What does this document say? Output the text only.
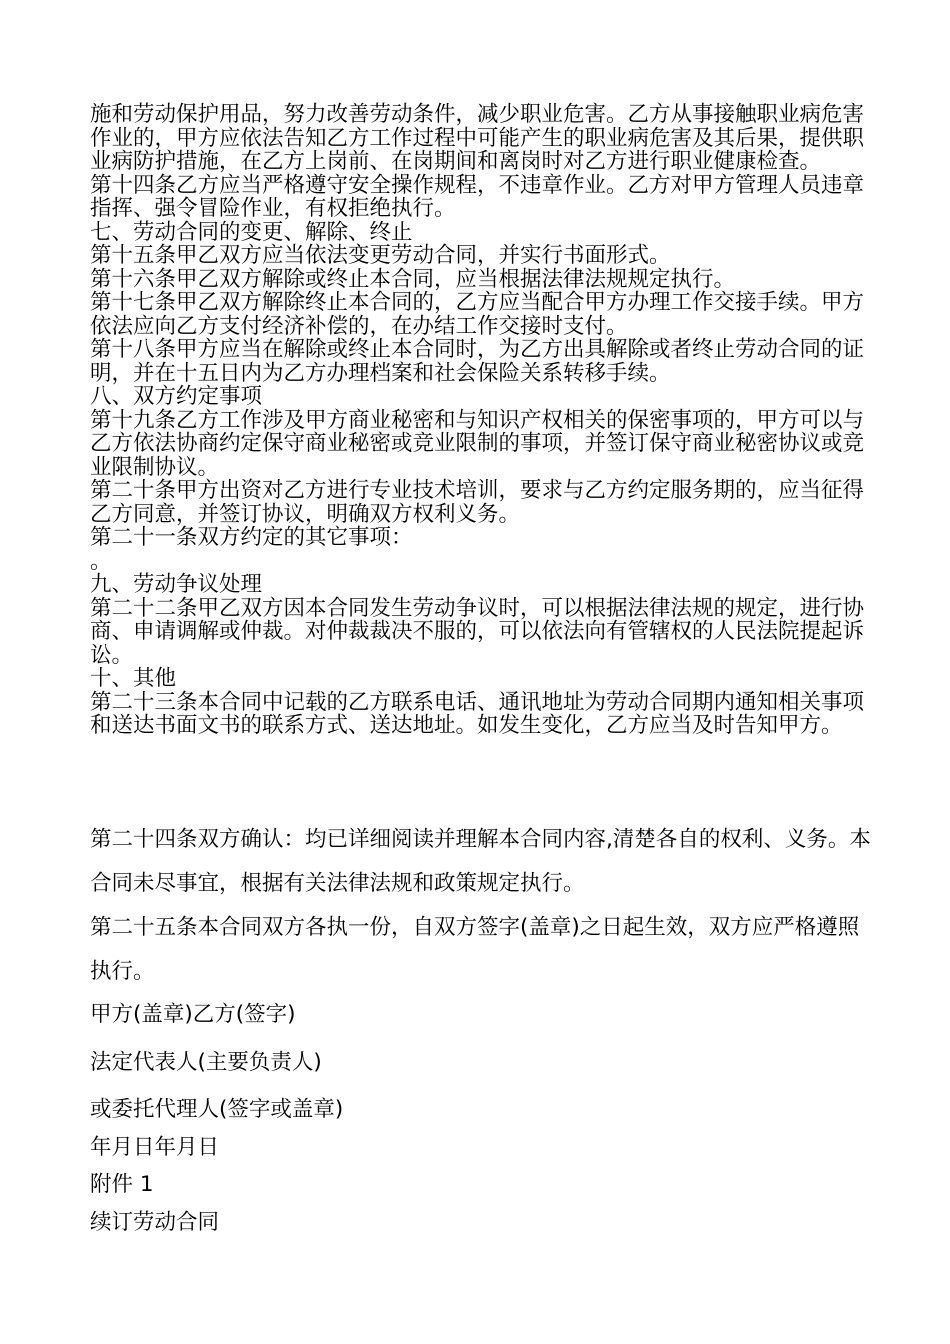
施和劳动保护用品，努力改善劳动条件，减少职业危害。乙方从事接触职业病危害作业的，甲方应依法告知乙方工作过程中可能产生的职业病危害及其后果，提供职业病防护措施，在乙方上岗前、在岗期间和离岗时对乙方进行职业健康检查。

第十四条乙方应当严格遵守安全操作规程，不违章作业。乙方对甲方管理人员违章指挥、强令冒险作业，有权拒绝执行。

七、劳动合同的变更、解除、终止

第十五条甲乙双方应当依法变更劳动合同，并实行书面形式。

第十六条甲乙双方解除或终止本合同，应当根据法律法规规定执行。

第十七条甲乙双方解除终止本合同的，乙方应当配合甲方办理工作交接手续。甲方依法应向乙方支付经济补偿的，在办结工作交接时支付。

第十八条甲方应当在解除或终止本合同时，为乙方出具解除或者终止劳动合同的证明，并在十五日内为乙方办理档案和社会保险关系转移手续。

八、双方约定事项

第十九条乙方工作涉及甲方商业秘密和与知识产权相关的保密事项的，甲方可以与乙方依法协商约定保守商业秘密或竞业限制的事项，并签订保守商业秘密协议或竞业限制协议。

第二十条甲方出资对乙方进行专业技术培训，要求与乙方约定服务期的，应当征得乙方同意，并签订协议，明确双方权利义务。

第二十一条双方约定的其它事项：

。

九、劳动争议处理

第二十二条甲乙双方因本合同发生劳动争议时，可以根据法律法规的规定，进行协商、申请调解或仲裁。对仲裁裁决不服的，可以依法向有管辖权的人民法院提起诉讼。

十、其他

第二十三条本合同中记载的乙方联系电话、通讯地址为劳动合同期内通知相关事项和送达书面文书的联系方式、送达地址。如发生变化，乙方应当及时告知甲方。

第二十四条双方确认：均已详细阅读并理解本合同内容,清楚各自的权利、义务。本合同未尽事宜，根据有关法律法规和政策规定执行。

第二十五条本合同双方各执一份，自双方签字(盖章)之日起生效，双方应严格遵照执行。

甲方(盖章)乙方(签字)

法定代表人(主要负责人)

或委托代理人(签字或盖章)

年月日年月日

附件 1

续订劳动合同
